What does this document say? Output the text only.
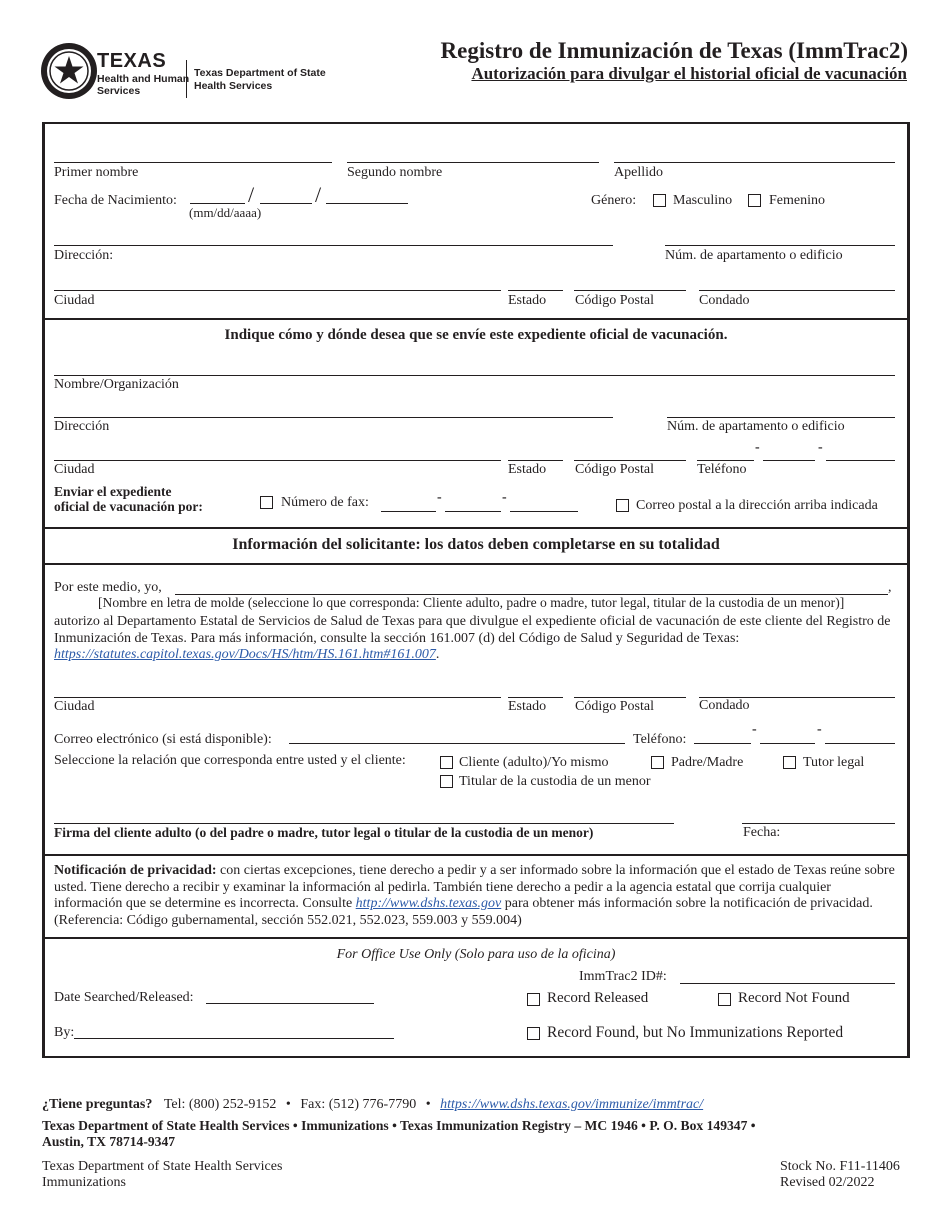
TEXAS
Health and Human
Services
Texas Department of State
Health Services
Registro de Inmunización de Texas (ImmTrac2)
Autorización para divulgar el historial oficial de vacunación
Primer nombre	Segundo nombre	Apellido
Fecha de Nacimiento:	/	/
(mm/dd/aaaa)
Género:	Masculino	Femenino
Dirección:	Núm. de apartamento o edificio
Ciudad	Estado Código Postal	Condado
Indique cómo y dónde desea que se envíe este expediente oficial de vacunación.
Nombre/Organización
Dirección	Núm. de apartamento o edificio
-	-
Ciudad	Estado Código Postal	Teléfono
Enviar el expediente
oficial de vacunación por:	Número de fax:	-	-
Correo postal a la dirección arriba indicada
Información del solicitante: los datos deben completarse en su totalidad
Por este medio, yo,	,
[Nombre en letra de molde (seleccione lo que corresponda: Cliente adulto, padre o madre, tutor legal, titular de la custodia de un menor)]
autorizo al Departamento Estatal de Servicios de Salud de Texas para que divulgue el expediente oficial de vacunación de este cliente del Registro de Inmunización de Texas. Para más información, consulte la sección 161.007 (d) del Código de Salud y Seguridad de Texas:
https://statutes.capitol.texas.gov/Docs/HS/htm/HS.161.htm#161.007.
Ciudad	Estado Código Postal	Condado
Correo electrónico (si está disponible):	Teléfono:
-	-
Seleccione la relación que corresponda entre usted y el cliente:	Cliente (adulto)/Yo mismo	Padre/Madre	Tutor legal
Titular de la custodia de un menor
Firma del cliente adulto (o del padre o madre, tutor legal o titular de la custodia de un menor)	Fecha:
Notificación de privacidad: con ciertas excepciones, tiene derecho a pedir y a ser informado sobre la información que el estado de Texas reúne sobre usted. Tiene derecho a recibir y examinar la información al pedirla. También tiene derecho a pedir a la agencia estatal que corrija cualquier información que se determine es incorrecta. Consulte http://www.dshs.texas.gov para obtener más información sobre la notificación de privacidad. (Referencia: Código gubernamental, sección 552.021, 552.023, 559.003 y 559.004)
For Office Use Only (Solo para uso de la oficina)
ImmTrac2 ID#:
Date Searched/Released:	Record Released	Record Not Found
By:	Record Found, but No Immunizations Reported
¿Tiene preguntas? Tel: (800) 252-9152 • Fax: (512) 776-7790 • https://www.dshs.texas.gov/immunize/immtrac/
Texas Department of State Health Services • Immunizations • Texas Immunization Registry – MC 1946 • P. O. Box 149347 •
Austin, TX 78714-9347
Texas Department of State Health Services
Immunizations
Stock No. F11-11406
Revised 02/2022
